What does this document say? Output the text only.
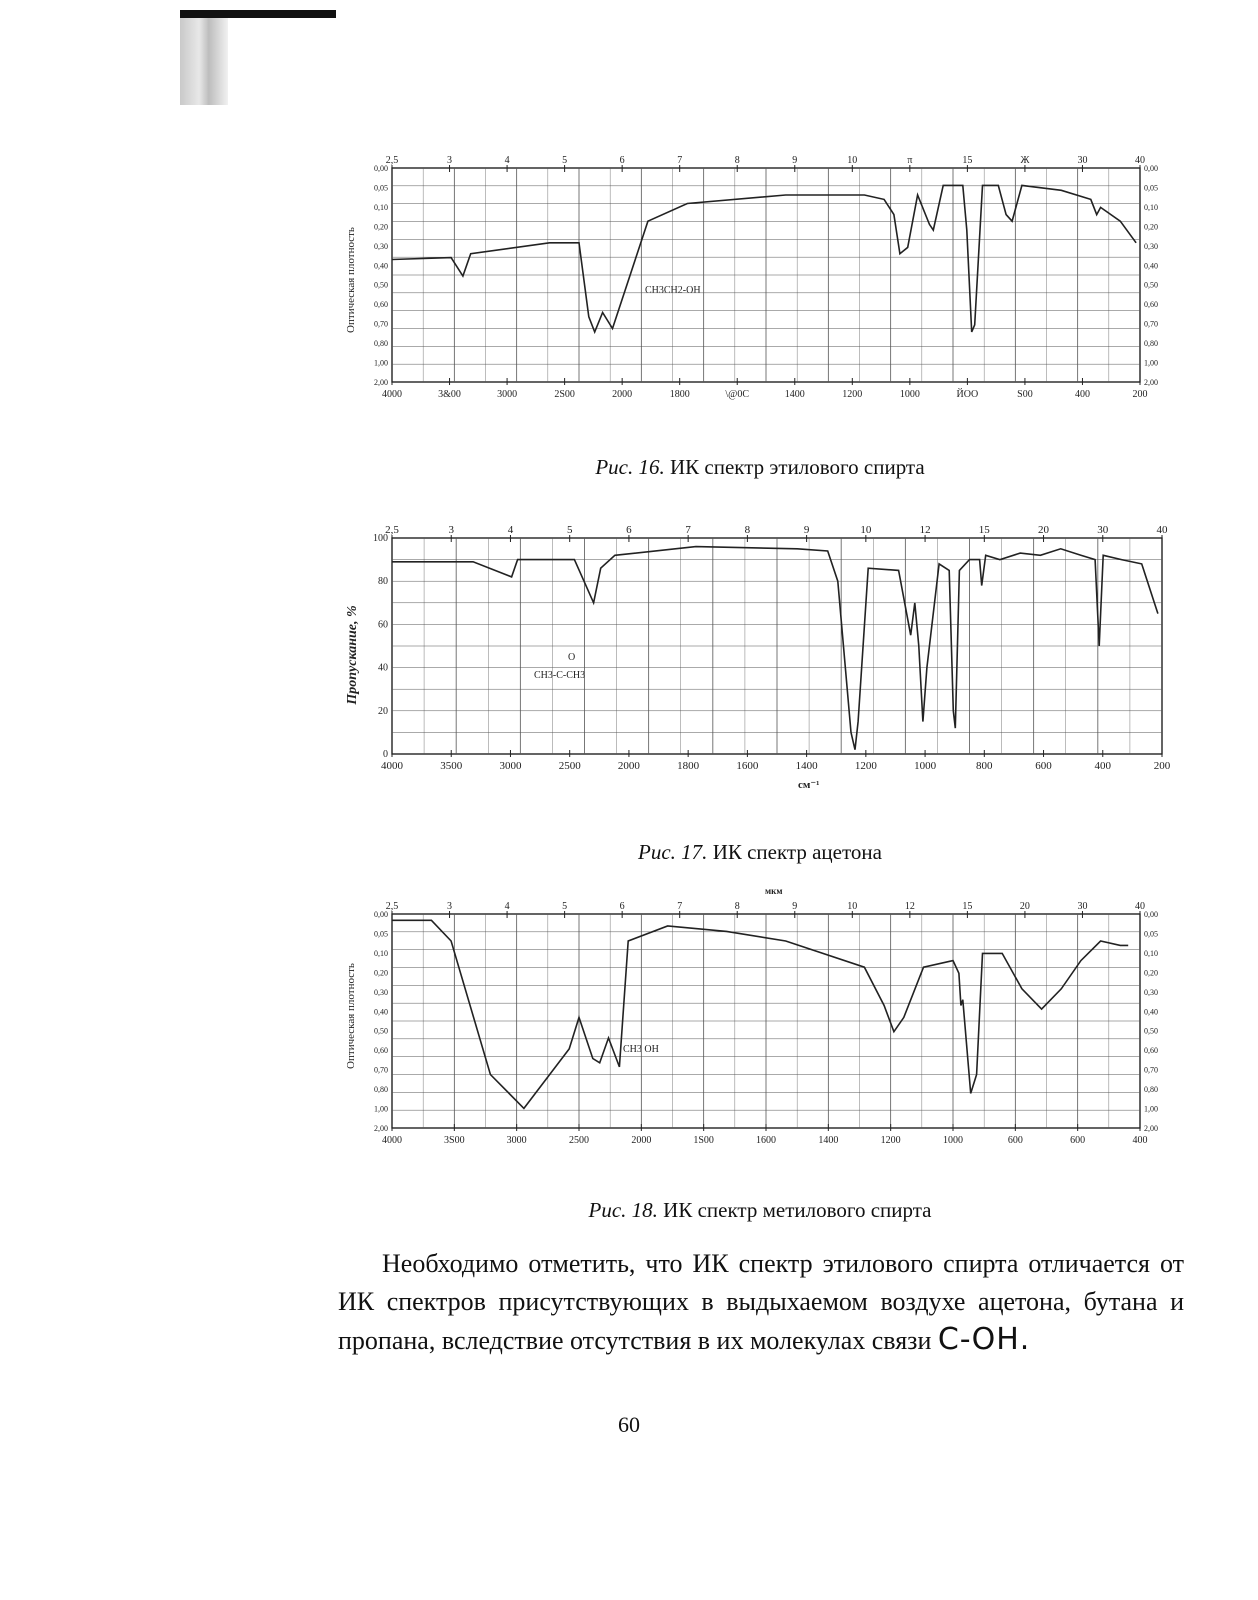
Оптическая плотность	CH3CH2-OH
2,5	3	4	5	6	7	8	9	10	π	15	Ж	30	40
4000	3&00	3000	2S00	2000	1800	\@0C	1400	1200	1000	ЙОО	S00	400	200
0,00
0,05
0,10
0,20
0,30
0,40
0,50
0,60
0,70
0,80
1,00
2,00
0,00
0,05
0,10
0,20
0,30
0,40
0,50
0,60
0,70
0,80
1,00
2,00
Рис. 16. ИК спектр этилового спирта
Пропускание, %	O
CH3-C-CH3
см⁻¹
2,5	3	4	5	6	7	8	9	10	12	15	20	30	40
4000	3500	3000	2500	2000	1800	1600	1400	1200	1000	800	600	400	200
100
80
60
40
20
0
Рис. 17. ИК спектр ацетона
Оптическая плотность
мкм
CH3 OH
2,5	3	4	5	6	7	8	9	10	12	15	20	30	40
4000	3S00	3000	2500	2000	1S00	1600	1400	1200	1000	600	600	400
0,00
0,05
0,10
0,20
0,30
0,40
0,50
0,60
0,70
0,80
1,00
2,00
0,00
0,05
0,10
0,20
0,30
0,40
0,50
0,60
0,70
0,80
1,00
2,00
Рис. 18. ИК спектр метилового спирта

Необходимо отметить, что ИК спектр этилового спирта отличается от ИК спектров присутствующих в выдыхаемом воздухе ацетона, бутана и пропана, вследствие отсутствия в их молекулах связи С-ОН.

60
